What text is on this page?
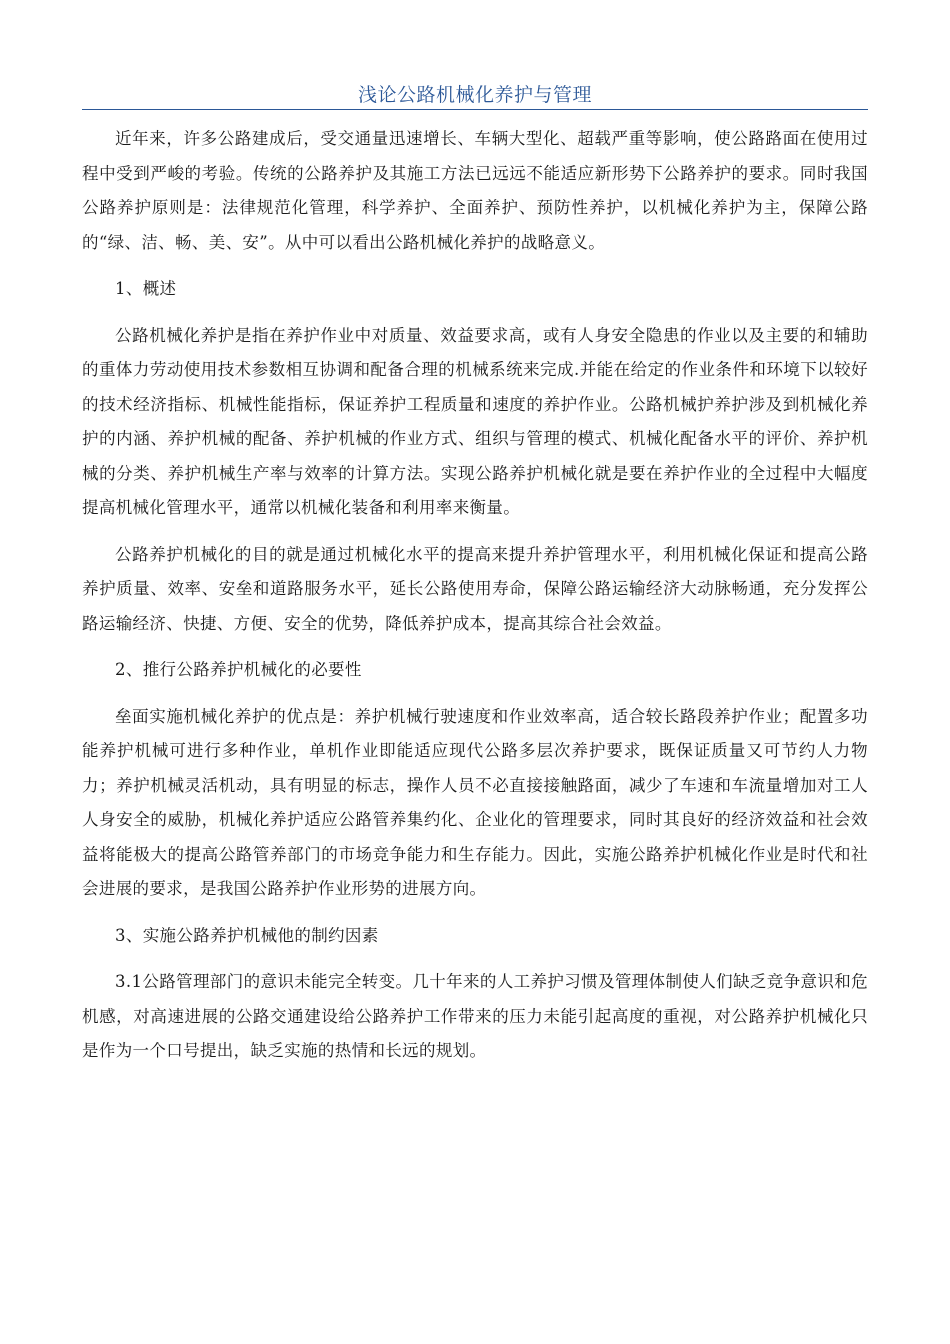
浅论公路机械化养护与管理

近年来，许多公路建成后，受交通量迅速增长、车辆大型化、超载严重等影响，使公路路面在使用过程中受到严峻的考验。传统的公路养护及其施工方法已远远不能适应新形势下公路养护的要求。同时我国公路养护原则是：法律规范化管理，科学养护、全面养护、预防性养护，以机械化养护为主，保障公路的“绿、洁、畅、美、安”。从中可以看出公路机械化养护的战略意义。

1、概述

公路机械化养护是指在养护作业中对质量、效益要求高，或有人身安全隐患的作业以及主要的和辅助的重体力劳动使用技术参数相互协调和配备合理的机械系统来完成.并能在给定的作业条件和环境下以较好的技术经济指标、机械性能指标，保证养护工程质量和速度的养护作业。公路机械护养护涉及到机械化养护的内涵、养护机械的配备、养护机械的作业方式、组织与管理的模式、机械化配备水平的评价、养护机械的分类、养护机械生产率与效率的计算方法。实现公路养护机械化就是要在养护作业的全过程中大幅度提高机械化管理水平，通常以机械化装备和利用率来衡量。

公路养护机械化的目的就是通过机械化水平的提高来提升养护管理水平，利用机械化保证和提高公路养护质量、效率、安垒和道路服务水平，延长公路使用寿命，保障公路运输经济大动脉畅通，充分发挥公路运输经济、快捷、方便、安全的优势，降低养护成本，提高其综合社会效益。

2、推行公路养护机械化的必要性

垒面实施机械化养护的优点是：养护机械行驶速度和作业效率高，适合较长路段养护作业；配置多功能养护机械可进行多种作业，单机作业即能适应现代公路多层次养护要求，既保证质量又可节约人力物力；养护机械灵活机动，具有明显的标志，操作人员不必直接接触路面，减少了车速和车流量增加对工人人身安全的威胁，机械化养护适应公路管养集约化、企业化的管理要求，同时其良好的经济效益和社会效益将能极大的提高公路管养部门的市场竞争能力和生存能力。因此，实施公路养护机械化作业是时代和社会进展的要求，是我国公路养护作业形势的进展方向。

3、实施公路养护机械他的制约因素

3.1公路管理部门的意识未能完全转变。几十年来的人工养护习惯及管理体制使人们缺乏竞争意识和危机感，对高速进展的公路交通建设给公路养护工作带来的压力未能引起高度的重视，对公路养护机械化只是作为一个口号提出，缺乏实施的热情和长远的规划。
